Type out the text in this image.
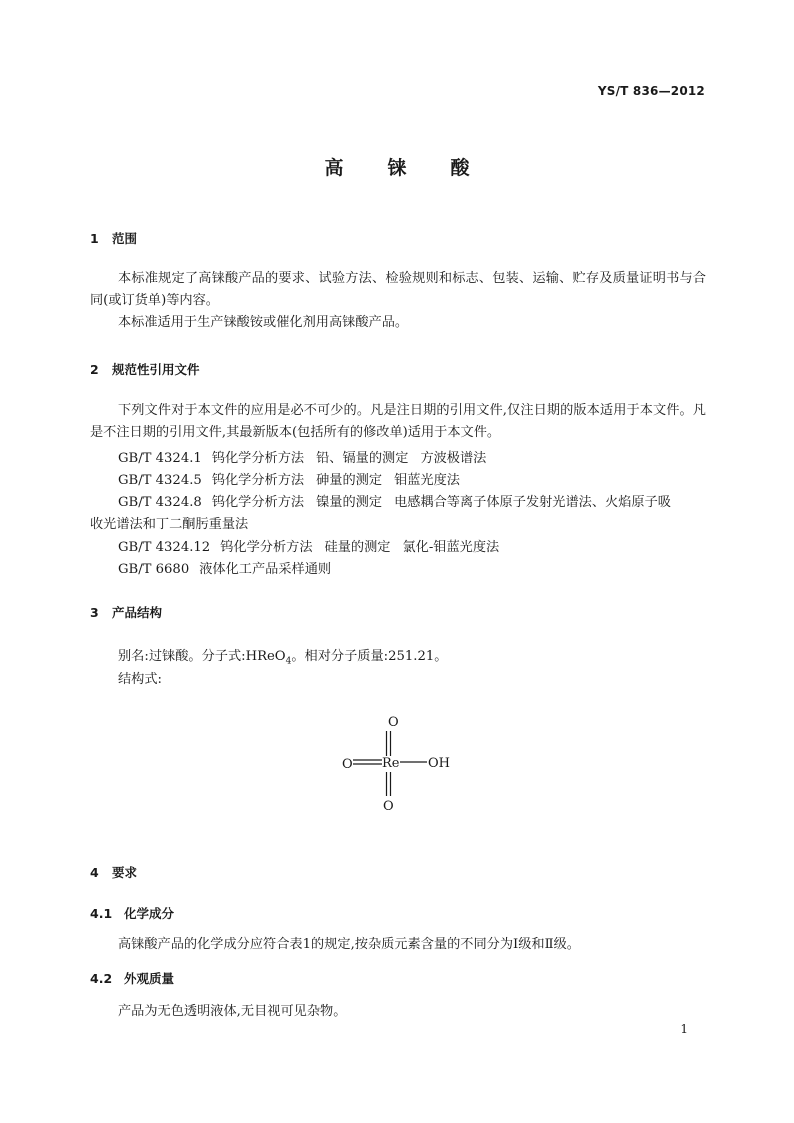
YS/T 836—2012
高 铼 酸
1 范围

本标准规定了高铼酸产品的要求、试验方法、检验规则和标志、包装、运输、贮存及质量证明书与合同(或订货单)等内容。

本标准适用于生产铼酸铵或催化剂用高铼酸产品。

2 规范性引用文件

下列文件对于本文件的应用是必不可少的。凡是注日期的引用文件,仅注日期的版本适用于本文件。凡是不注日期的引用文件,其最新版本(包括所有的修改单)适用于本文件。

GB/T 4324.1 钨化学分析方法 铅、镉量的测定 方波极谱法
GB/T 4324.5 钨化学分析方法 砷量的测定 钼蓝光度法
GB/T 4324.8 钨化学分析方法 镍量的测定 电感耦合等离子体原子发射光谱法、火焰原子吸
收光谱法和丁二酮肟重量法
GB/T 4324.12 钨化学分析方法 硅量的测定 氯化-钼蓝光度法
GB/T 6680 液体化工产品采样通则
3 产品结构
别名:过铼酸。分子式:HReO$_4$。相对分子质量:251.21。
结构式:
O
O Re OH
O
4 要求
4.1 化学成分
高铼酸产品的化学成分应符合表1的规定,按杂质元素含量的不同分为Ⅰ级和Ⅱ级。
4.2 外观质量
产品为无色透明液体,无目视可见杂物。
1
